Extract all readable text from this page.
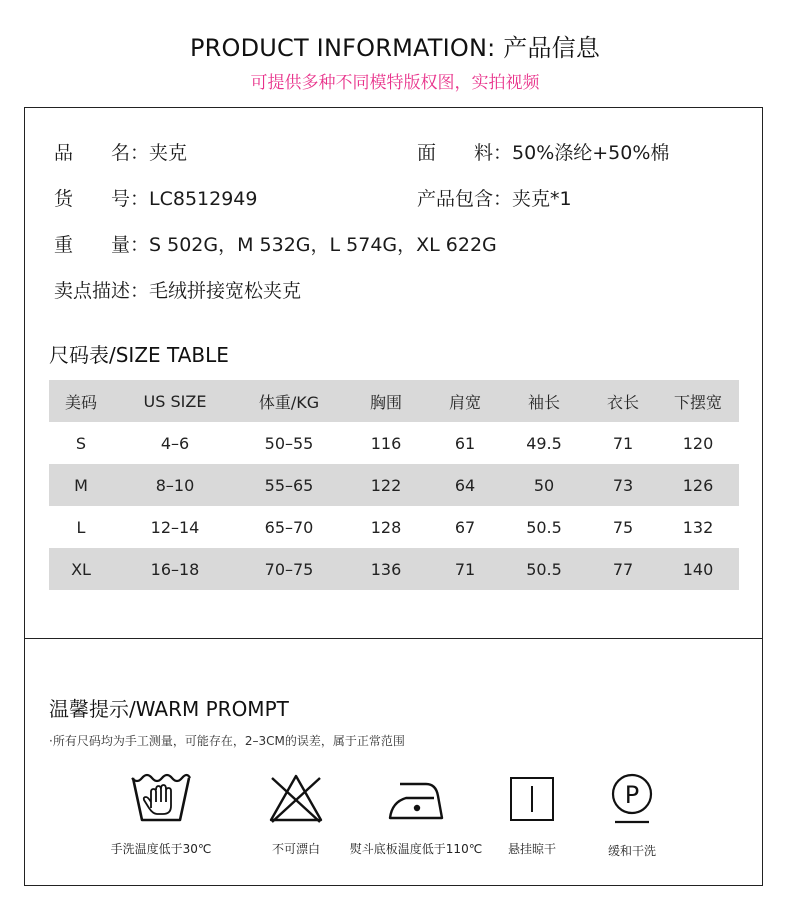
PRODUCT INFORMATION: 产品信息
可提供多种不同模特版权图，实拍视频
品　　名：夹克	面　　料：50%涤纶+50%棉
货　　号：LC8512949	产品包含：夹克*1
重　　量：S 502G，M 532G，L 574G，XL 622G
卖点描述：毛绒拼接宽松夹克
尺码表/SIZE TABLE
美码	US SIZE	体重/KG	胸围	肩宽	袖长	衣长	下摆宽
S	4–6	50–55	116	61	49.5	71	120
M	8–10	55–65	122	64	50	73	126
L	12–14	65–70	128	67	50.5	75	132
XL	16–18	70–75	136	71	50.5	77	140
温馨提示/WARM PROMPT
·所有尺码均为手工测量，可能存在，2–3CM的误差，属于正常范围
手洗温度低于30℃	不可漂白	熨斗底板温度低于110℃	悬挂晾干
P
缓和干洗
